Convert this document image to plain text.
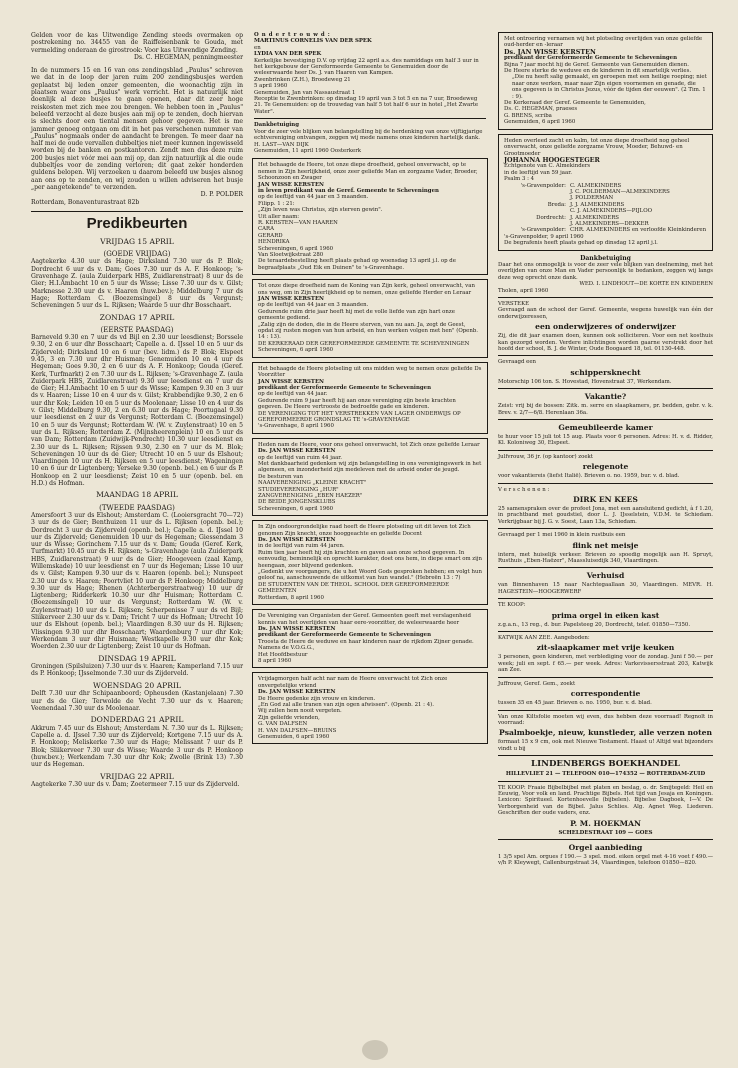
Gelden voor de kas Uitwendige Zending steeds overmaken op postrekening no. 34455 van de Raiffeisenbank te Gouda, met vermelding onderaan de girostrook: Voor kas Uitwendige Zending.

Ds. C. HEGEMAN, penningmeester

In de nummers 15 en 16 van ons zendingsblad „Paulus" schreven we dat in de loop der jaren ruim 200 zendingsbusjes werden geplaatst bij leden onzer gemeenten, die woonachtig zijn in plaatsen waar ons „Paulus" werk verricht. Het is natuurlijk niet doenlijk al deze busjes te gaan openen, daar dit zeer hoge reiskosten met zich mee zou brengen. We hebben toen in „Paulus" beleefd verzocht al deze busjes aan mij op te zenden, doch hiervan is slechts door een tiental mensen gehoor gegeven. Het is me jammer genoeg ontgaan om dit in het pas verschenen nummer van „Paulus" nogmaals onder de aandacht te brengen. Te meer daar na half mei de oude vervallen dubbeltjes niet meer kunnen ingewisseld worden bij de banken en postkantoren. Zendt men dus deze ruim 200 busjes niet vóór mei aan mij op, dan zijn natuurlijk al die oude dubbeltjes voor de zending verloren; dit gaat zeker honderden guldens belopen. Wij verzoeken u daarom beleefd uw busjes alsnog aan ons op te zenden, en wij zouden u willen adviseren het busje „per aangetekende" te verzenden.

D. P. POLDER

Rotterdam, Bonaventurastraat 82b

Predikbeurten
VRIJDAG 15 APRIL
(GOEDE VRIJDAG)

Aagtekerke 4.30 uur ds Hage; Dirksland 7.30 uur ds P. Blok; Dordrecht 6 uur ds v. Dam; Goes 7.30 uur ds A. F. Honkoop; 's-Gravenhage Z. (aula Zuiderpark HBS, Zuidlarenstraat) 8 uur ds de Gier; H.I.Ambacht 10 en 5 uur ds Wisse; Lisse 7.30 uur ds v. Gilst; Marknesse 2.30 uur ds v. Haaren (huw.bev.); Middelburg 7 uur ds Hage; Rotterdam C. (Boezemsingel) 8 uur ds Vergunst; Scheveningen 5 uur ds L. Rijksen; Waarde 5 uur dhr Bosschaart.

ZONDAG 17 APRIL
(EERSTE PAASDAG)

Barneveld 9.30 en 7 uur ds vd Bijl en 2.30 uur leesdienst; Borssele 9.30, 2 en 6 uur dhr Bosschaart; Capelle a. d. IJssel 10 en 5 uur ds Zijderveld; Dirksland 10 en 6 uur (bev. lidm.) ds P. Blok; Elspeet 9.45, 3 en 7.30 uur dhr Huisman; Genemuiden 10 en 4 uur ds Hegeman; Goes 9.30, 2 en 6 uur ds A. F. Honkoop; Gouda (Geref. Kerk, Turfmarkt) 2 en 7.30 uur ds L. Rijksen; 's-Gravenhage Z. (aula Zuiderpark HBS, Zuidlarenstraat) 9.30 uur leesdienst en 7 uur ds de Gier; H.I.Ambacht 10 en 5 uur ds Wisse; Kampen 9.30 en 3 uur ds v. Haaren; Lisse 10 en 4 uur ds v. Gilst; Krabbendijke 9.30, 2 en 6 uur dhr Kok; Leiden 10 en 5 uur ds Moolenaar; Lisse 10 en 4 uur ds v. Gilst; Middelburg 9.30, 2 en 6.30 uur ds Hage; Poortugaal 9.30 uur leesdienst en 2 uur ds Vergunst; Rotterdam C. (Boezemsingel) 10 en 5 uur ds Vergunst; Rotterdam W. (W. v. Zuylenstraat) 10 en 5 uur ds L. Rijksen; Rotterdam Z. (Mijnsheerenplein) 10 en 5 uur ds van Dam; Rotterdam (Zuidwijk-Pendrecht) 10.30 uur leesdienst en 2.30 uur ds L. Rijksen; Rijssen 9.30, 2.30 en 7 uur ds M. Blok; Scheveningen 10 uur ds de Gier; Utrecht 10 en 5 uur ds Elshout; Vlaardingen 10 uur ds H. Rijksen en 5 uur leesdienst; Wageningen 10 en 6 uur dr Ligtenberg; Yerseke 9.30 (openb. bel.) en 6 uur ds P. Honkoop en 2 uur leesdienst; Zeist 10 en 5 uur (openb. bel. en H.D.) ds Hofman.

MAANDAG 18 APRIL
(TWEEDE PAASDAG)

Amersfoort 3 uur ds Elshout; Amsterdam C. (Looiersgracht 70—72) 3 uur ds de Gier; Benthuizen 11 uur ds L. Rijksen (openb. bel.); Dordrecht 3 uur ds Zijderveld (openb. bel.); Capelle a. d. IJssel 10 uur ds Zijderveld; Genemuiden 10 uur ds Hegeman; Giessendam 3 uur ds Wisse; Gorinchem 7.15 uur ds v. Dam; Gouda (Geref. Kerk, Turfmarkt) 10.45 uur ds H. Rijksen; 's-Gravenhage (aula Zuiderpark HBS, Zuidlarenstraat) 9 uur ds de Gier; Hoogeveen (zaal Kamp, Willemskade) 10 uur leesdienst en 7 uur ds Hegeman; Lisse 10 uur ds v. Gilst; Kampen 9.30 uur ds v. Haaren (openb. bel.); Nunspeet 2.30 uur ds v. Haaren; Poortvliet 10 uur ds P. Honkoop; Middelburg 9.30 uur ds Hage; Rhenen (Achterbergerstraatweg) 10 uur dr Ligtenberg; Ridderkerk 10.30 uur dhr Huisman; Rotterdam C. (Boezemsingel) 10 uur ds Vergunst; Rotterdam W. (W. v. Zuylenstraat) 10 uur ds L. Rijksen; Scherpenisse 7 uur ds vd Bijl; Sliikerveer 2.30 uur ds v. Dam; Tricht 7 uur ds Hofman; Utrecht 10 uur ds Elshout (openb. bel.); Vlaardingen 8.30 uur ds H. Rijksen; Vlissingen 9.30 uur dhr Bosschaart; Waardenburg 7 uur dhr Kok; Werkendam 3 uur dhr Huisman; Westkapelle 9.30 uur dhr Kok; Woerden 2.30 uur dr Ligtenberg; Zeist 10 uur ds Hofman.

DINSDAG 19 APRIL

Groningen (Spilsluizen) 7.30 uur ds v. Haaren; Kamperland 7.15 uur ds P. Honkoop; IJsselmonde 7.30 uur ds Zijderveld.

WOENSDAG 20 APRIL

Delft 7.30 uur dhr Schipaanboord; Opheusden (Kastanjelaan) 7.30 uur ds de Gier; Terwolde de Vecht 7.30 uur ds v. Haaren; Veenendaal 7.30 uur ds Moolenaar.

DONDERDAG 21 APRIL

Akkrum 7.45 uur ds Elshout; Amsterdam N. 7.30 uur ds L. Rijksen; Capelle a. d. IJssel 7.30 uur ds Zijderveld; Kortgene 7.15 uur ds A. F. Honkoop; Meliskerke 7.30 uur ds Hage; Melissant 7 uur ds P. Blok; Sliikerveer 7.30 uur ds Wisse; Waarde 3 uur ds P. Honkoop (huw.bev.); Werkendam 7.30 uur dhr Kok; Zwolle (Brink 13) 7.30 uur ds Hegeman.

VRIJDAG 22 APRIL

Aagtekerke 7.30 uur ds v. Dam; Zoetermeer 7.15 uur ds Zijderveld.

O n d e r t r o u w d :

MARTINUS CORNELIS VAN DER SPEK

en

LYDIA VAN DER SPEK

Kerkelijke bevestiging D.V. op vrijdag 22 april a.s. des namiddags om half 3 uur in het kerkgebouw der Gereformeerde Gemeente te Genemuiden door de weleerwaarde heer Ds. J. van Haaren van Kampen.

Zwenbrinken (Z.H.), Broedeweg 21

5 april 1960

Genemuiden, Jan van Nassaustraat 1

Receptie te Zwenbrinken: op dinsdag 19 april van 3 tot 5 en na 7 uur, Broedeweg 21. Te Genemuiden: op de trouwdag van half 5 tot half 6 uur in hotel „Het Zwarte Water".

Dankbetuiging

Voor de zeer vele blijken van belangstelling bij de herdenking van onze vijftigjarige echtvereniging ontvangen, zeggen wij mede namens onze kinderen hartelijk dank.

H. LAST—VAN DIJK

Genemuiden, 11 april 1960 Oosterkerk

Het behaagde de Heere, tot onze diepe droefheid, geheel onverwacht, op te nemen in Zijn heerlijkheid, onze zeer geliefde Man en zorgzame Vader, Broeder, Schoonzoon en Zwager

JAN WISSE KERSTEN

in leven predikant van de Geref. Gemeente te Scheveningen

op de leeftijd van 44 jaar en 3 maanden.

Filipp. 1 : 21:

„Zijn leven was Christus, zijn sterven gewin".

Uit aller naam:

R. KERSTEN—VAN HAAREN

CARA

GERARD

HENDRIKA

Scheveningen, 6 april 1960

Van Sloetwijkstraat 280

De teraardebestelling heeft plaats gehad op woensdag 13 april j.l. op de begraafplaats „Oud Eik en Duinen" te 's-Gravenhage.

Tot onze diepe droefheid nam de Koning van Zijn kerk, geheel onverwacht, van ons weg, om in Zijn heerlijkheid op te nemen, onze geliefde Herder en Leraar

JAN WISSE KERSTEN

op de leeftijd van 44 jaar en 3 maanden.

Gedurende ruim drie jaar heeft hij met de volle liefde van zijn hart onze gemeente gediend.

„Zalig zijn de doden, die in de Heere sterven, van nu aan. Ja, zegt de Geest, opdat zij rusten mogen van hun arbeid, en hun werken volgen met hen" (Openb. 14 : 13).

DE KERKERAAD DER GEREFORMEERDE GEMEENTE TE SCHEVENINGEN

Scheveningen, 6 april 1960

Het behaagde de Heere plotseling uit ons midden weg te nemen onze geliefde Ds Voorzitter

JAN WISSE KERSTEN

predikant der Gereformeerde Gemeente te Scheveningen

op de leeftijd van 44 jaar.

Gedurende ruim 9 jaar heeft hij aan onze vereniging zijn beste krachten gegeven. De Heere vertrooste de bedroefde gade en kinderen.

DE VERENIGING TOT HET VERSTREKKEN VAN LAGER ONDERWIJS OP GEREFORMEERDE GRONDSLAG TE 's-GRAVENHAGE

's-Gravenhage, 8 april 1960

Heden nam de Heere, voor ons geheel onverwacht, tot Zich onze geliefde Leraar

Ds. JAN WISSE KERSTEN

op de leeftijd van ruim 44 jaar.

Met dankbaarheid gedenken wij zijn belangstelling in ons verenigingswerk in het algemeen, en inzonderheid zijn medeleven met de arbeid onder de jeugd.

De besturen van

NAAIVERENIGING „KLEINE KRACHT"

STUDIEVERENIGING „HUR"

ZANGVERENIGING „EBEN HAEZER"

DE BEIDE JONGENSKLUBS

Scheveningen, 6 april 1960

In Zijn ondoorgrondelijke raad heeft de Heere plotseling uit dit leven tot Zich genomen Zijn knecht, onze hooggeachte en geliefde Docent

Ds. JAN WISSE KERSTEN

in de leeftijd van ruim 44 jaren.

Ruim tien jaar heeft hij zijn krachten en gaven aan onze school gegeven. In eenvoudig, beminnelijk en oprecht karakter, doet ons hem, in diepe smart om zijn heengaan, zeer blijvend gedenken.

„Gedenkt uw voorgangers, die u het Woord Gods gesproken hebben; en volgt hun geloof na, aanschouwende de uitkomst van hun wandel." (Hebreën 13 : 7)

DE STUDENTEN VAN DE THEOL. SCHOOL DER GEREFORMEERDE GEMEENTEN

Rotterdam, 8 april 1960

De Vereniging van Organisten der Geref. Gemeenten geeft met verslagenheid kennis van het overlijden van haar eere-voorzitter, de weleerwaarde heer

Ds. JAN WISSE KERSTEN

predikant der Gereformeerde Gemeente te Scheveningen

Troosta de Heere de weduwe en haar kinderen naar de rijkdom Zijner genade.

Namens de V.O.G.G.,

Het Hoofdbestuur

8 april 1960

Vrijdagmorgen half acht nar nam de Heere onverwacht tot Zich onze onvergetelijke vriend

Ds. JAN WISSE KERSTEN

De Heere gedenke zijn vrouw en kinderen.

„En God zal alle tranen van zijn ogen afwissen". (Openb. 21 : 4).

Wij zullen hem nooit vergeten.

Zijn geliefde vrienden,

G. VAN DALFSEN

H. VAN DALFSEN—BRUINS

Genemuiden, 6 april 1960

Met ontroering vernamen wij het plotseling overlijden van onze geliefde oud-herder en -leraar

Ds. JAN WISSE KERSTEN

predikant der Gereformeerde Gemeente te Scheveningen

Bijna 7 jaar mocht hij de Geref. Gemeente van Genemuiden dienen.

De Heere sterke de weduwe en de kinderen in dit smartelijk verlies.

„Die nu heeft salig gemaakt, en geroepen met een heilige roeping; niet naar onze werken, maar naar Zijn eigen voornemen en genade, die ons gegeven is in Christus Jezus, vóór de tijden der eeuwen". (2 Tim. 1 : 9).

De Kerkeraad der Geref. Gemeente te Genemuiden,

Ds. C. HEGEMAN, praeses

G. BRENS, scriba

Genemuiden, 6 april 1960

Heden overleed zacht en kalm, tot onze diepe droefheid nog geheel onverwacht, onze geliefde zorgzame Vrouw, Moeder, Behuwd- en Grootmoeder

JOHANNA HOOGESTEGER

Echtgenote van C. Almekinders

in de leeftijd van 59 jaar.

Psalm 3 : 4

's-Gravenpolder: C. ALMEKINDERS
J. C. POLDERMAN—ALMEKINDERS
J. POLDERMAN
Breda: J. J. ALMEKINDERS
C. J. ALMEKINDERS—PIJLOO
Dordrecht: J. ALMEKINDERS
J. ALMEKINDERS—DEKKER
's-Gravenpolder: CHR. ALMEKINDERS en verloofde Kleinkinderen

's-Gravenpolder, 9 april 1960

De begrafenis heeft plaats gehad op dinsdag 12 april j.l.

Dankbetuiging

Daar het ons onmogelijk is voor de zeer vele blijken van deelneming, met het overlijden van onze Man en Vader persoonlijk te bedanken, zeggen wij langs deze weg oprecht onze dank.

WED. I. LINDHOUT—DE KORTE EN KINDEREN

Tholen, april 1960

VERSTEKE

Gevraagd aan de school der Geref. Gemeente, wegens huwelijk van één der onderwijzeressen,

een onderwijzeres of onderwijzer

Zij, die dit jaar examen doen, kunnen ook solliciteren. Voor een net kosthuis kan gezorgd worden. Verdere inlichtingen worden gaarne verstrekt door het hoofd der school, B. J. de Winter, Oude Boogaard 18, tel. 01130-448.

Gevraagd een

schippersknecht

Motorschip 106 ton. S. Hovestad, Hovenstraat 37, Werkendam.

Vakantie?

Zeist: vrij bij de bossen: Zitk. m. serre en slaapkamers, pr. bedden, gebr. v. k. Brev. v. 2/7—6/8. Herenlaan 36a.

Gemeubileerde kamer

te huur voor 15 juli tot 15 aug. Plaats voor 6 personen. Adres: H. v. d. Ridder, Kl. Koloniweg 30, Elspeet.

Julfvrouw, 36 jr. (op kantoor) zoekt

relegenote

voor vakantiereis (liefst Italië). Brieven o. no. 1959, bur. v. d. blad.

V e r s c h e n e n :

DIRK EN KEES

25 samenspraken over de profeet Jona, met een aansluitend gedicht, à f 1.20, in prachtband met goudstiel, door L. J. IJsselstein, V.D.M. te Schiedam. Verkrijgbaar bij J. G. v. Soest, Laan 13a, Schiedam.

Gevraagd per 1 mei 1960 in klein rustbuis een

flink net meisje

intern, met huiselijk verkeer. Brieven zo spoedig mogelijk aan H. Spruyt, Rusthuis „Eben-Haëzer", Maassluisedijk 340, Vlaardingen.

Verhuisd

van Binnenhaven 15 naar Nachtegaallaan 30, Vlaardingen. MEVR. H. HAGESTEIN—HOOGERWERF

TE KOOP:

prima orgel in eiken kast

z.g.a.n., 13 reg., d. bur. Papelsteeg 20, Dordrecht, telef. 01850—7350.

KATWIJK AAN ZEE. Aangeboden:

zit-slaapkamer met vrije keuken

3 personen, geen kinderen, met verblediging voor de zondag. Juni f 50.— per week; juli en sept. f 65.— per week. Adres: Varkevissersstraat 203, Katwijk aan Zee.

Juffrouw, Geref. Gem., zoekt

correspondentie

tussen 35 en 45 jaar. Brieven o. no. 1950, bur. v. d. blad.

Van onze Kiltsfolie moeten wij even, dus hebben deze voorraad! Regnolt in voorraad:

Psalmboekje, nieuw, kunstleder, alle verzen noten

formaat 15 x 9 cm, ook met Nieuwe Testament. Haast u! Altijd wat bijzonders vindt u bij

LINDENBERGS BOEKHANDEL

HILLEVLIET 21 — TELEFOON 010—174352 — ROTTERDAM-ZUID

TE KOOP: Fraaie Bijbelbijbel met platen en beslag, o. dr. Smijtegeld: Heil en Eeuwig, Voor volk en land. Prachtige Bijbels. Het tijd van Jesaja en Koningen. Lexicon: Spiritueel. Kortenhoevelle (bijbelen). Bijbelse Dagboek, I—V. De Verborgenheid van de Bijbel. Jalus Schlies. Alg. Agnet Weg. Liederen. Geschriften der oude vaders, enz.

P. M. HOEKMAN

SCHELDESTRAAT 109 — GOES

Orgel aanbieding

1 3/5 spel Am. orgues f 190.— 3 spel. mod. eiken orgel met 4-16 voet f 490.— v/h P. Kleywegt, Callenburgstraat 34, Vlaardingen, telefoon 01850—820.
